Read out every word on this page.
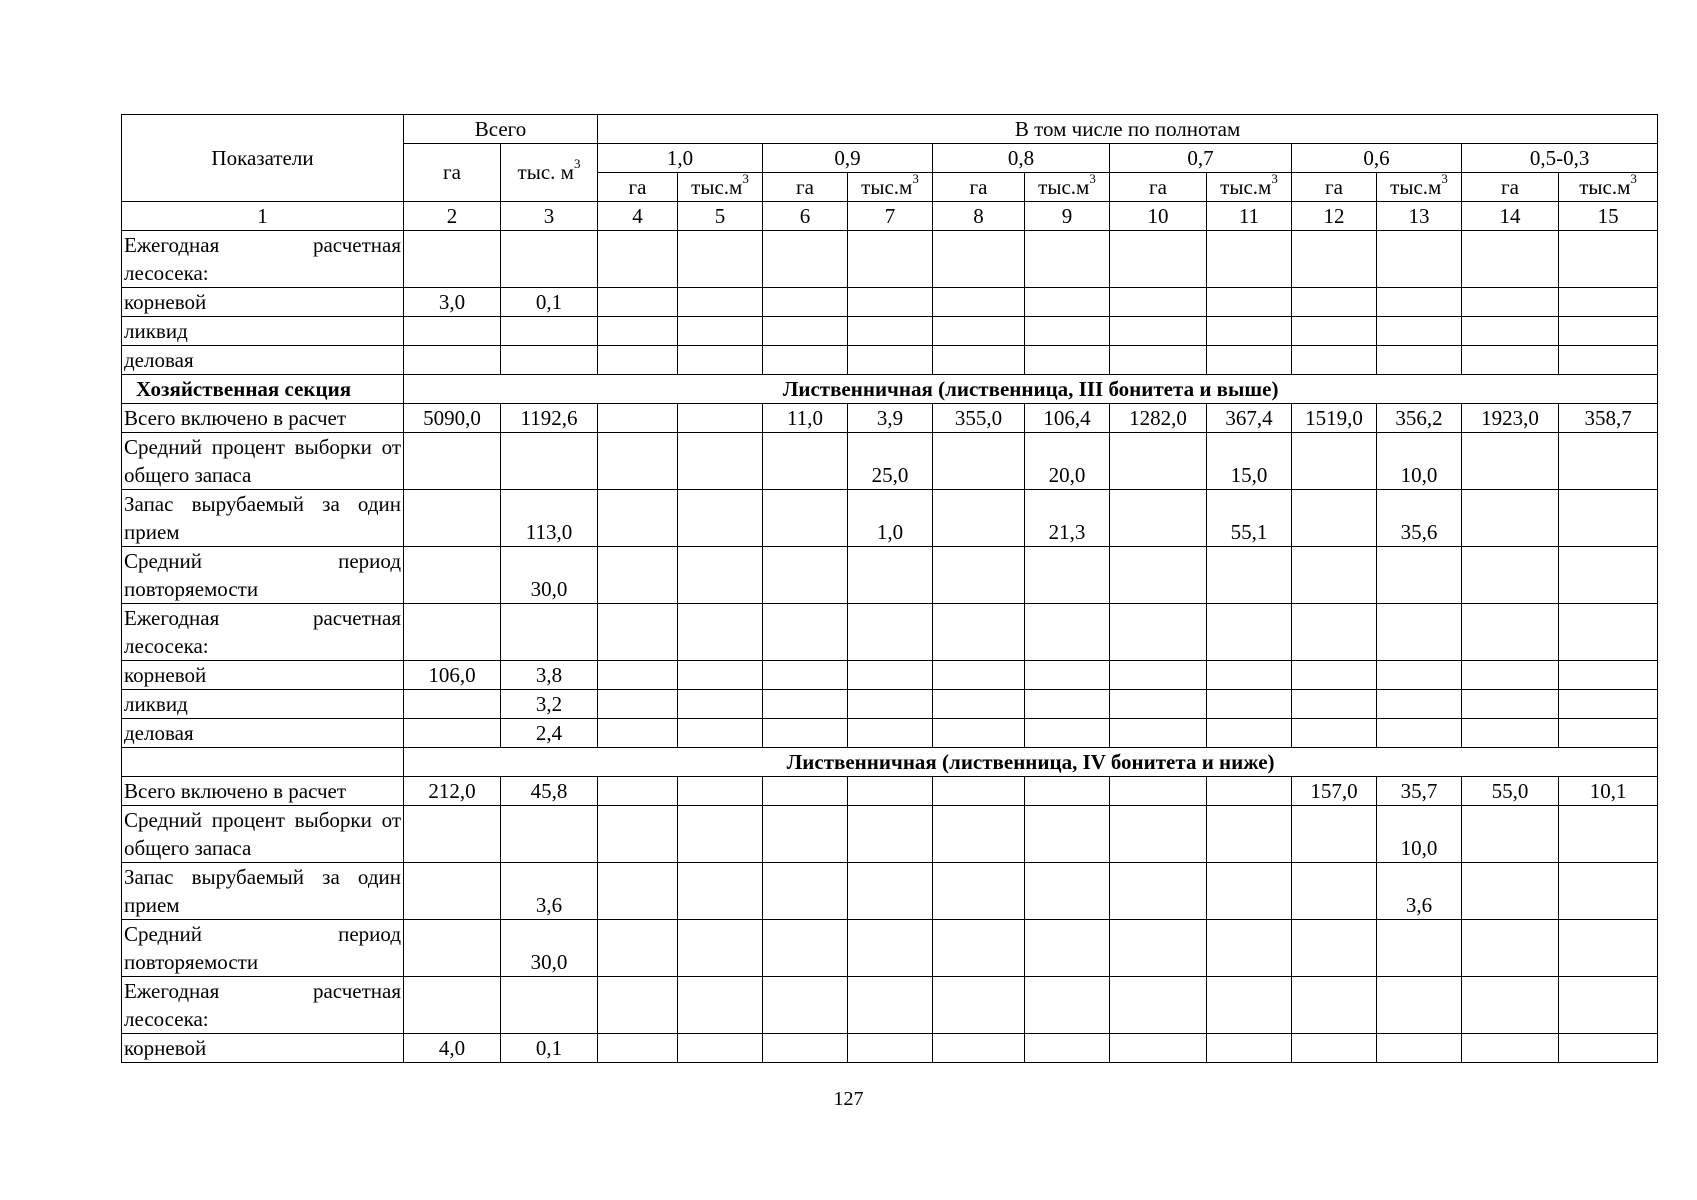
Показатели	Всего		В том числе по полнотам											
	га	тыс. $м^3$	1,0		0,9		0,8		0,7		0,6		0,5-0,3	
			га	$тыс.м^3$	га	$тыс.м^3$	га	$тыс.м^3$	га	$тыс.м^3$	га	$тыс.м^3$	га	$тыс.м^3$
1	2	3	4	5	6	7	8	9	10	11	12	13	14	15
Ежегодная расчетная лесосека:														
корневой	3,0	0,1												
ликвид														
деловая														
Хозяйственная секция	Лиственничная (лиственница, III бонитета и выше)													
Всего включено в расчет	5090,0	1192,6			11,0	3,9	355,0	106,4	1282,0	367,4	1519,0	356,2	1923,0	358,7
Средний процент выборки от общего запаса						25,0		20,0		15,0		10,0		
Запас вырубаемый за один прием		113,0				1,0		21,3		55,1		35,6		
Средний период повторяемости		30,0												
Ежегодная расчетная лесосека:														
корневой	106,0	3,8												
ликвид		3,2												
деловая		2,4												
	Лиственничная (лиственница, IV бонитета и ниже)													
Всего включено в расчет	212,0	45,8									157,0	35,7	55,0	10,1
Средний процент выборки от общего запаса												10,0		
Запас вырубаемый за один прием		3,6										3,6		
Средний период повторяемости		30,0												
Ежегодная расчетная лесосека:														
корневой	4,0	0,1												
127
